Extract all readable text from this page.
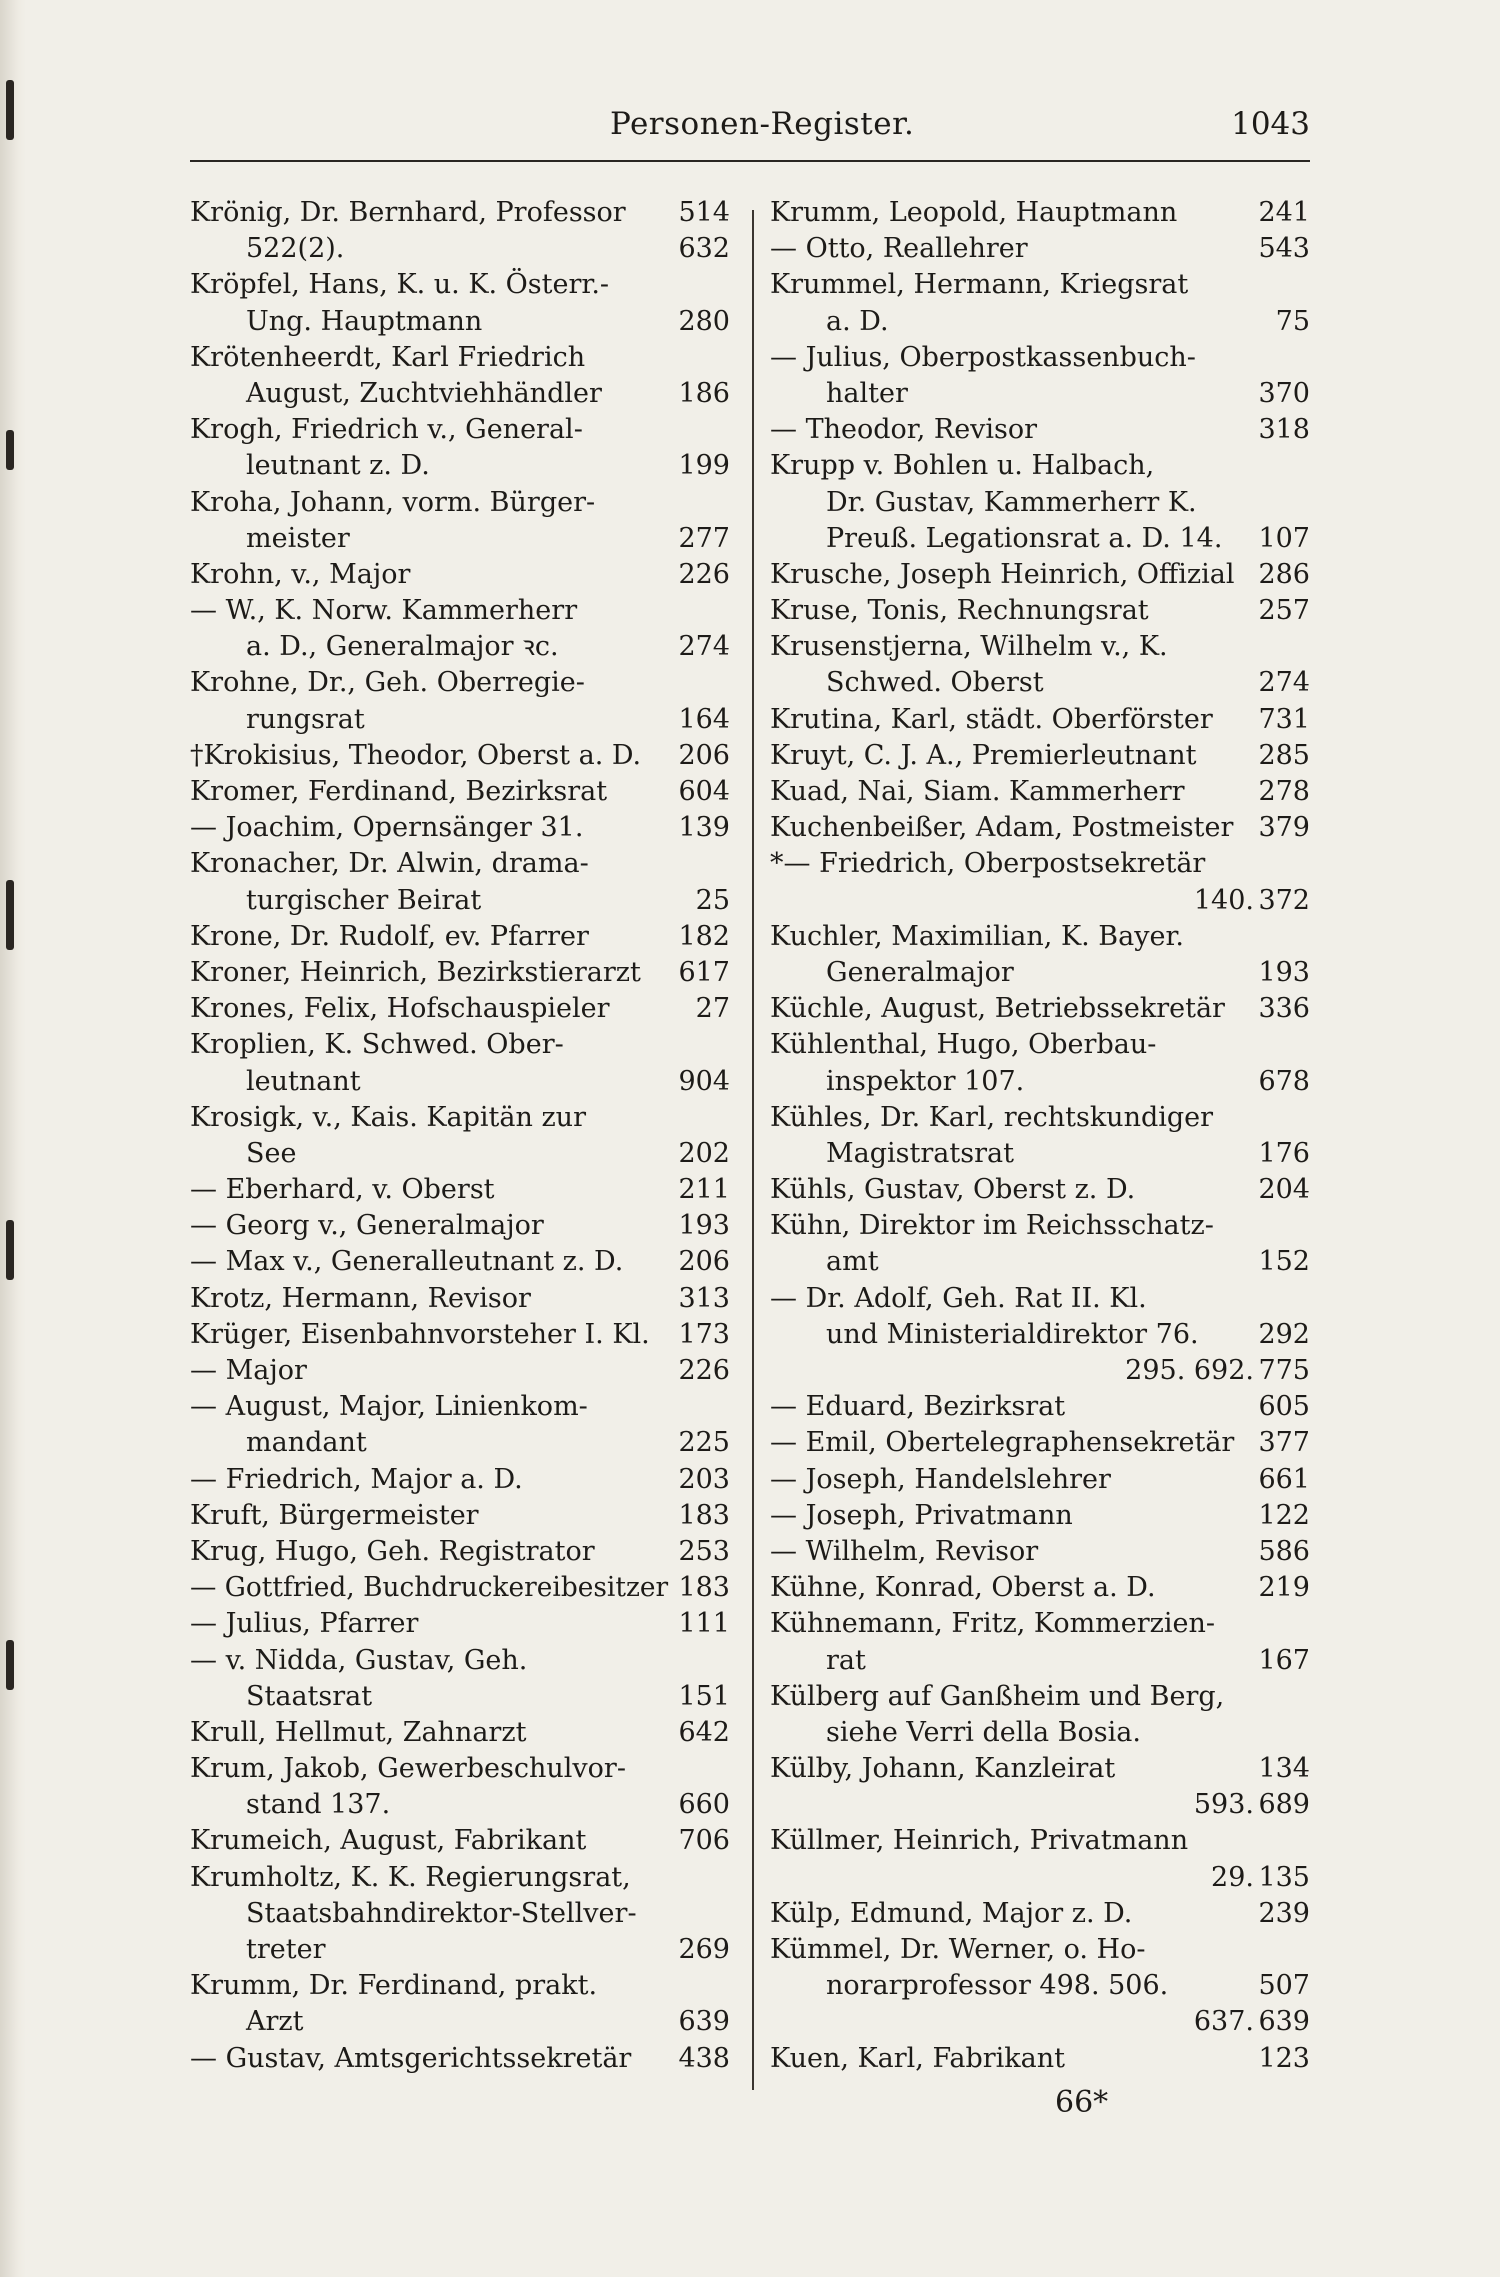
Personen-Register.	1043
Krönig, Dr. Bernhard, Professor 514
522(2).	632
Kröpfel, Hans, K. u. K. Österr.-
Ung. Hauptmann	280
Krötenheerdt, Karl Friedrich
August, Zuchtviehhändler	186
Krogh, Friedrich v., General-
leutnant z. D.	199
Kroha, Johann, vorm. Bürger-
meister	277
Krohn, v., Major	226
— W., K. Norw. Kammerherr
a. D., Generalmajor ꝛc.	274
Krohne, Dr., Geh. Oberregie-
rungsrat	164
†Krokisius, Theodor, Oberst a. D. 206
Kromer, Ferdinand, Bezirksrat	604
— Joachim, Opernsänger 31.	139
Kronacher, Dr. Alwin, drama-
turgischer Beirat	25
Krone, Dr. Rudolf, ev. Pfarrer	182
Kroner, Heinrich, Bezirkstierarzt 617
Krones, Felix, Hofschauspieler	27
Kroplien, K. Schwed. Ober-
leutnant	904
Krosigk, v., Kais. Kapitän zur
See	202
— Eberhard, v. Oberst	211
— Georg v., Generalmajor	193
— Max v., Generalleutnant z. D. 206
Krotz, Hermann, Revisor	313
Krüger, Eisenbahnvorsteher I. Kl. 173
— Major	226
— August, Major, Linienkom-
mandant	225
— Friedrich, Major a. D.	203
Kruft, Bürgermeister	183
Krug, Hugo, Geh. Registrator	253
— Gottfried, Buchdruckereibesitzer 183
— Julius, Pfarrer	111
— v. Nidda, Gustav, Geh.
Staatsrat	151
Krull, Hellmut, Zahnarzt	642
Krum, Jakob, Gewerbeschulvor-
stand 137.	660
Krumeich, August, Fabrikant	706
Krumholtz, K. K. Regierungsrat,
Staatsbahndirektor-Stellver-
treter	269
Krumm, Dr. Ferdinand, prakt.
Arzt	639
— Gustav, Amtsgerichtssekretär 438
Krumm, Leopold, Hauptmann	241
— Otto, Reallehrer	543
Krummel, Hermann, Kriegsrat
a. D.	75
— Julius, Oberpostkassenbuch-
halter	370
— Theodor, Revisor	318
Krupp v. Bohlen u. Halbach,
Dr. Gustav, Kammerherr K.
Preuß. Legationsrat a. D. 14. 107
Krusche, Joseph Heinrich, Offizial 286
Kruse, Tonis, Rechnungsrat	257
Krusenstjerna, Wilhelm v., K.
Schwed. Oberst	274
Krutina, Karl, städt. Oberförster 731
Kruyt, C. J. A., Premierleutnant 285
Kuad, Nai, Siam. Kammerherr	278
Kuchenbeißer, Adam, Postmeister 379
*— Friedrich, Oberpostsekretär
140. 372
Kuchler, Maximilian, K. Bayer.
Generalmajor	193
Küchle, August, Betriebssekretär 336
Kühlenthal, Hugo, Oberbau-
inspektor 107.	678
Kühles, Dr. Karl, rechtskundiger
Magistratsrat	176
Kühls, Gustav, Oberst z. D.	204
Kühn, Direktor im Reichsschatz-
amt	152
— Dr. Adolf, Geh. Rat II. Kl.
und Ministerialdirektor 76. 292
295. 692. 775
— Eduard, Bezirksrat	605
— Emil, Obertelegraphensekretär 377
— Joseph, Handelslehrer	661
— Joseph, Privatmann	122
— Wilhelm, Revisor	586
Kühne, Konrad, Oberst a. D.	219
Kühnemann, Fritz, Kommerzien-
rat	167
Külberg auf Ganßheim und Berg,
siehe Verri della Bosia.
Külby, Johann, Kanzleirat	134
593. 689
Küllmer, Heinrich, Privatmann
29. 135
Külp, Edmund, Major z. D.	239
Kümmel, Dr. Werner, o. Ho-
norarprofessor 498. 506.	507
637. 639
Kuen, Karl, Fabrikant	123
66*
